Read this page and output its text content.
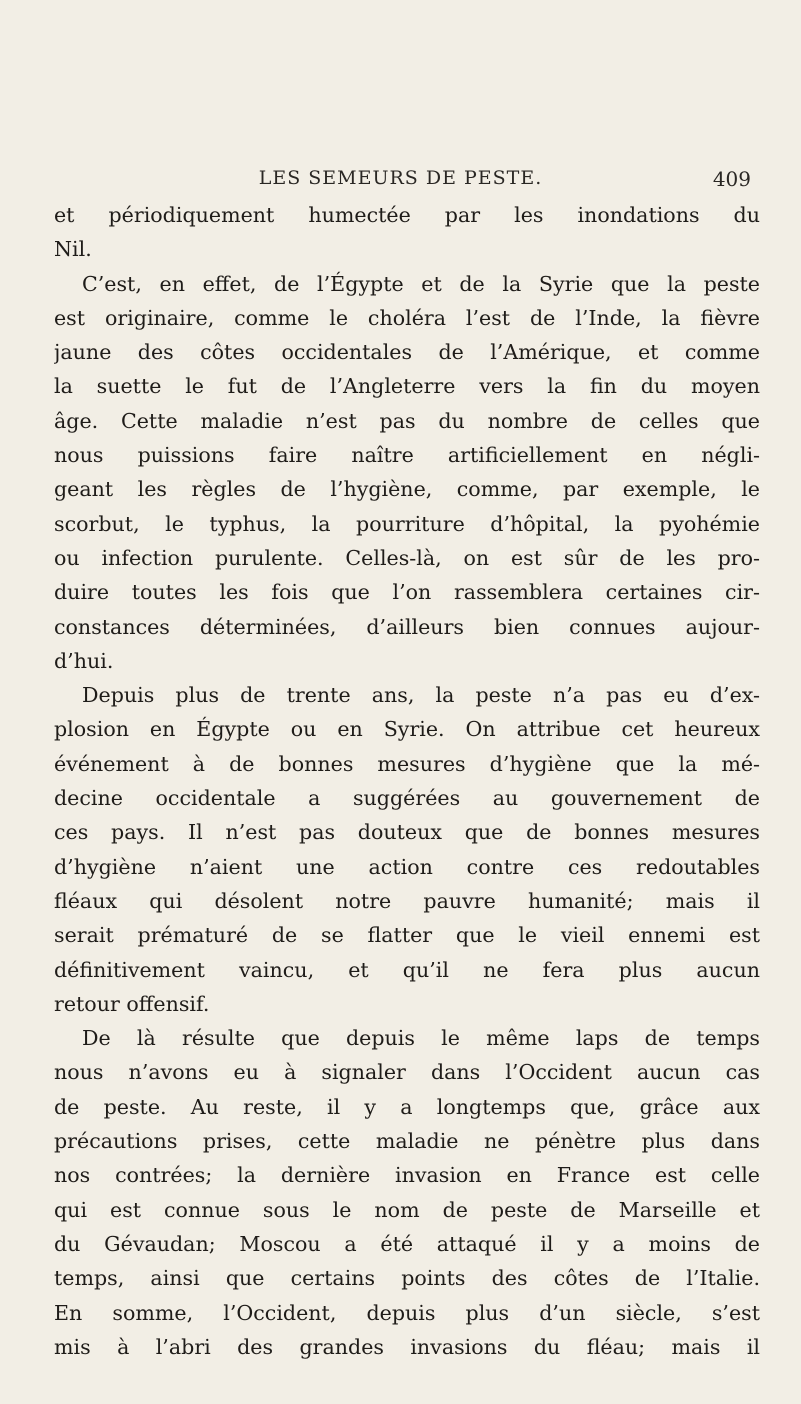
LES SEMEURS DE PESTE.	409
et périodiquement humectée par les inondations du
Nil.
C’est, en effet, de l’Égypte et de la Syrie que la peste
est originaire, comme le choléra l’est de l’Inde, la fièvre
jaune des côtes occidentales de l’Amérique, et comme
la suette le fut de l’Angleterre vers la fin du moyen
âge. Cette maladie n’est pas du nombre de celles que
nous puissions faire naître artificiellement en négli-
geant les règles de l’hygiène, comme, par exemple, le
scorbut, le typhus, la pourriture d’hôpital, la pyohémie
ou infection purulente. Celles-là, on est sûr de les pro-
duire toutes les fois que l’on rassemblera certaines cir-
constances déterminées, d’ailleurs bien connues aujour-
d’hui.
Depuis plus de trente ans, la peste n’a pas eu d’ex-
plosion en Égypte ou en Syrie. On attribue cet heureux
événement à de bonnes mesures d’hygiène que la mé-
decine occidentale a suggérées au gouvernement de
ces pays. Il n’est pas douteux que de bonnes mesures
d’hygiène n’aient une action contre ces redoutables
fléaux qui désolent notre pauvre humanité; mais il
serait prématuré de se flatter que le vieil ennemi est
définitivement vaincu, et qu’il ne fera plus aucun
retour offensif.
De là résulte que depuis le même laps de temps
nous n’avons eu à signaler dans l’Occident aucun cas
de peste. Au reste, il y a longtemps que, grâce aux
précautions prises, cette maladie ne pénètre plus dans
nos contrées; la dernière invasion en France est celle
qui est connue sous le nom de peste de Marseille et
du Gévaudan; Moscou a été attaqué il y a moins de
temps, ainsi que certains points des côtes de l’Italie.
En somme, l’Occident, depuis plus d’un siècle, s’est
mis à l’abri des grandes invasions du fléau; mais il
